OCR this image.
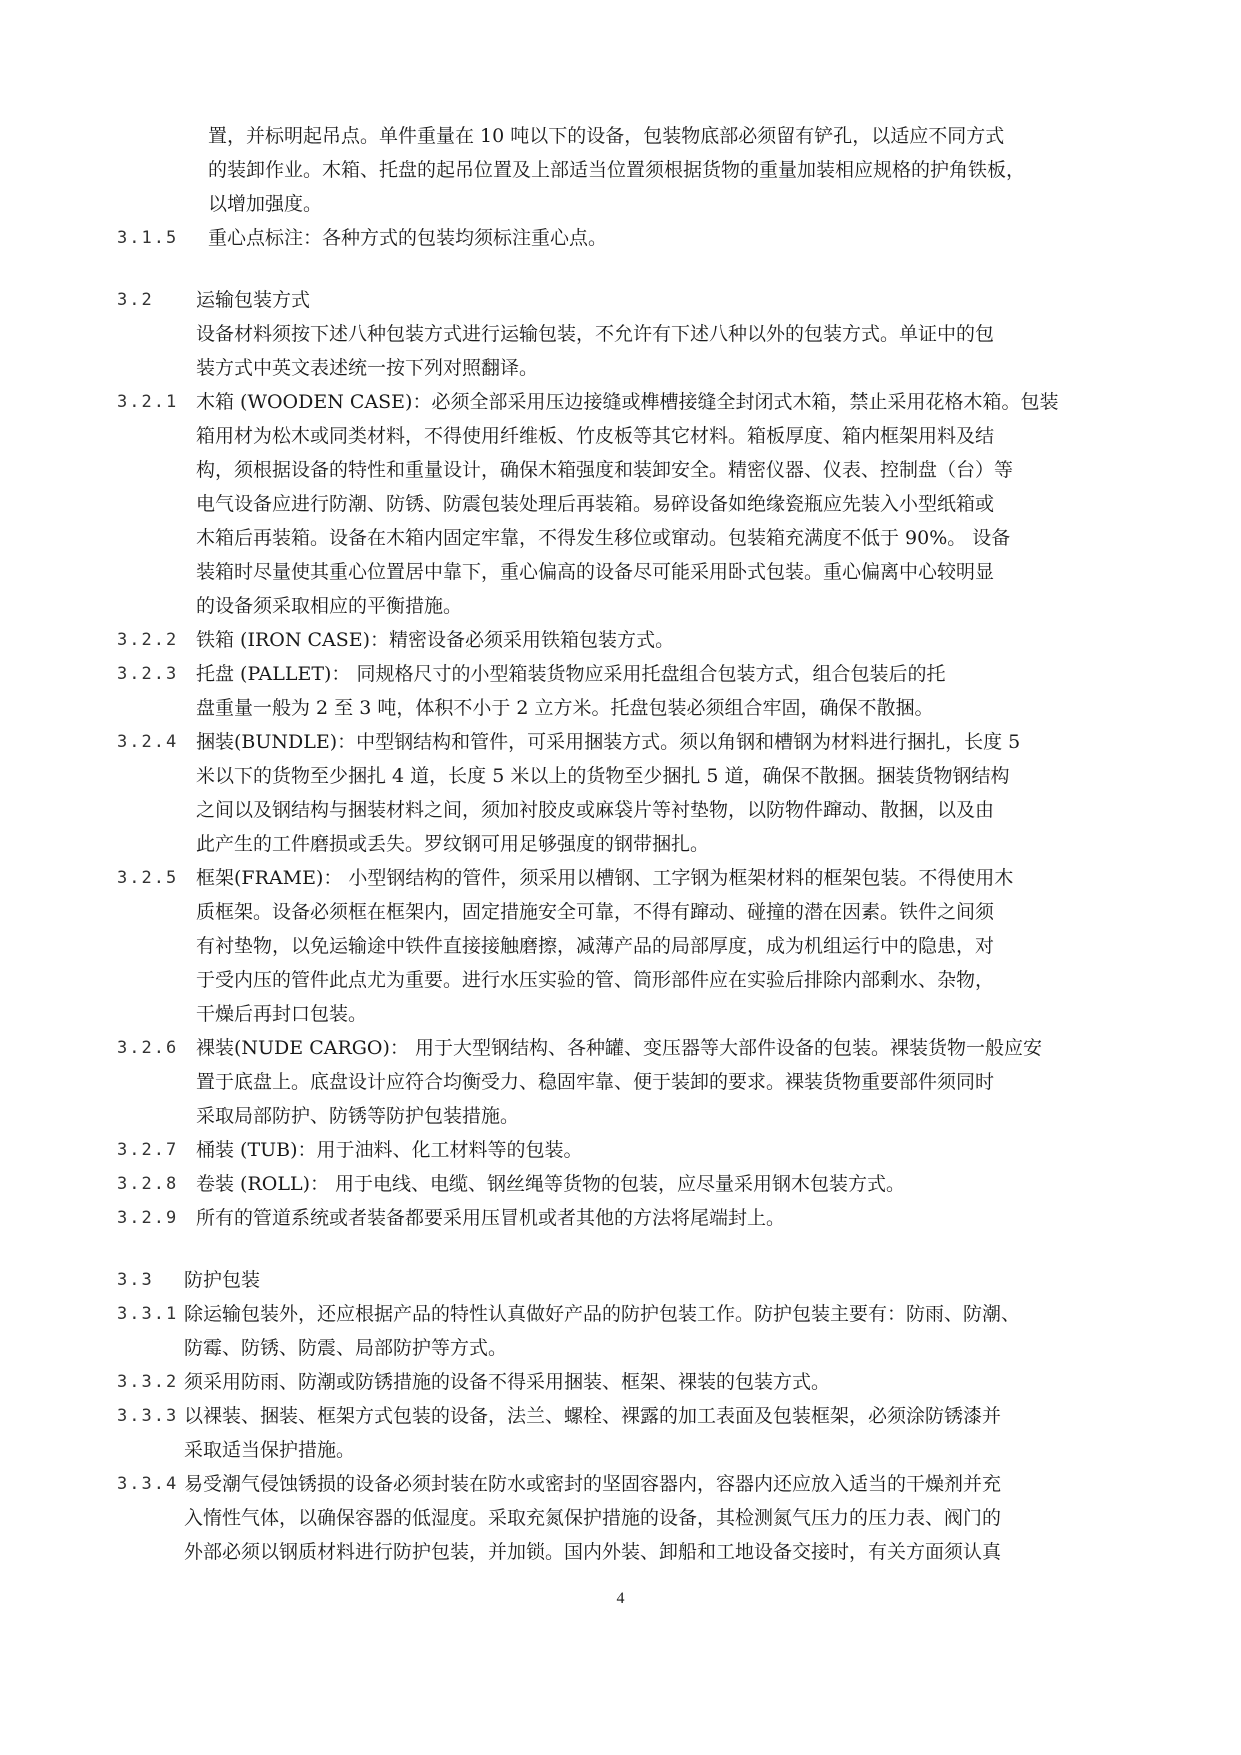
置，并标明起吊点。单件重量在 10 吨以下的设备，包装物底部必须留有铲孔，以适应不同方式
的装卸作业。木箱、托盘的起吊位置及上部适当位置须根据货物的重量加装相应规格的护角铁板，
以增加强度。
3.1.5 重心点标注：各种方式的包装均须标注重心点。
3.2 运输包装方式
设备材料须按下述八种包装方式进行运输包装，不允许有下述八种以外的包装方式。单证中的包
装方式中英文表述统一按下列对照翻译。
3.2.1 木箱 (WOODEN CASE)：必须全部采用压边接缝或榫槽接缝全封闭式木箱，禁止采用花格木箱。包装
箱用材为松木或同类材料，不得使用纤维板、竹皮板等其它材料。箱板厚度、箱内框架用料及结
构，须根据设备的特性和重量设计，确保木箱强度和装卸安全。精密仪器、仪表、控制盘（台）等
电气设备应进行防潮、防锈、防震包装处理后再装箱。易碎设备如绝缘瓷瓶应先装入小型纸箱或
木箱后再装箱。设备在木箱内固定牢靠，不得发生移位或窜动。包装箱充满度不低于 90%。 设备
装箱时尽量使其重心位置居中靠下，重心偏高的设备尽可能采用卧式包装。重心偏离中心较明显
的设备须采取相应的平衡措施。
3.2.2 铁箱 (IRON CASE)：精密设备必须采用铁箱包装方式。
3.2.3 托盘 (PALLET)： 同规格尺寸的小型箱装货物应采用托盘组合包装方式，组合包装后的托
盘重量一般为 2 至 3 吨，体积不小于 2 立方米。托盘包装必须组合牢固，确保不散捆。
3.2.4 捆装(BUNDLE)：中型钢结构和管件，可采用捆装方式。须以角钢和槽钢为材料进行捆扎，长度 5
米以下的货物至少捆扎 4 道，长度 5 米以上的货物至少捆扎 5 道，确保不散捆。捆装货物钢结构
之间以及钢结构与捆装材料之间，须加衬胶皮或麻袋片等衬垫物，以防物件蹿动、散捆，以及由
此产生的工件磨损或丢失。罗纹钢可用足够强度的钢带捆扎。
3.2.5 框架(FRAME)： 小型钢结构的管件，须采用以槽钢、工字钢为框架材料的框架包装。不得使用木
质框架。设备必须框在框架内，固定措施安全可靠，不得有蹿动、碰撞的潜在因素。铁件之间须
有衬垫物，以免运输途中铁件直接接触磨擦，减薄产品的局部厚度，成为机组运行中的隐患，对
于受内压的管件此点尤为重要。进行水压实验的管、筒形部件应在实验后排除内部剩水、杂物，
干燥后再封口包装。
3.2.6 裸装(NUDE CARGO)： 用于大型钢结构、各种罐、变压器等大部件设备的包装。裸装货物一般应安
置于底盘上。底盘设计应符合均衡受力、稳固牢靠、便于装卸的要求。裸装货物重要部件须同时
采取局部防护、防锈等防护包装措施。
3.2.7 桶装 (TUB)：用于油料、化工材料等的包装。
3.2.8 卷装 (ROLL)： 用于电线、电缆、钢丝绳等货物的包装，应尽量采用钢木包装方式。
3.2.9 所有的管道系统或者装备都要采用压冒机或者其他的方法将尾端封上。
3.3 防护包装
3.3.1 除运输包装外，还应根据产品的特性认真做好产品的防护包装工作。防护包装主要有：防雨、防潮、
防霉、防锈、防震、局部防护等方式。
3.3.2 须采用防雨、防潮或防锈措施的设备不得采用捆装、框架、裸装的包装方式。
3.3.3 以裸装、捆装、框架方式包装的设备，法兰、螺栓、裸露的加工表面及包装框架，必须涂防锈漆并
采取适当保护措施。
3.3.4 易受潮气侵蚀锈损的设备必须封装在防水或密封的坚固容器内，容器内还应放入适当的干燥剂并充
入惰性气体，以确保容器的低湿度。采取充氮保护措施的设备，其检测氮气压力的压力表、阀门的
外部必须以钢质材料进行防护包装，并加锁。国内外装、卸船和工地设备交接时，有关方面须认真
4
